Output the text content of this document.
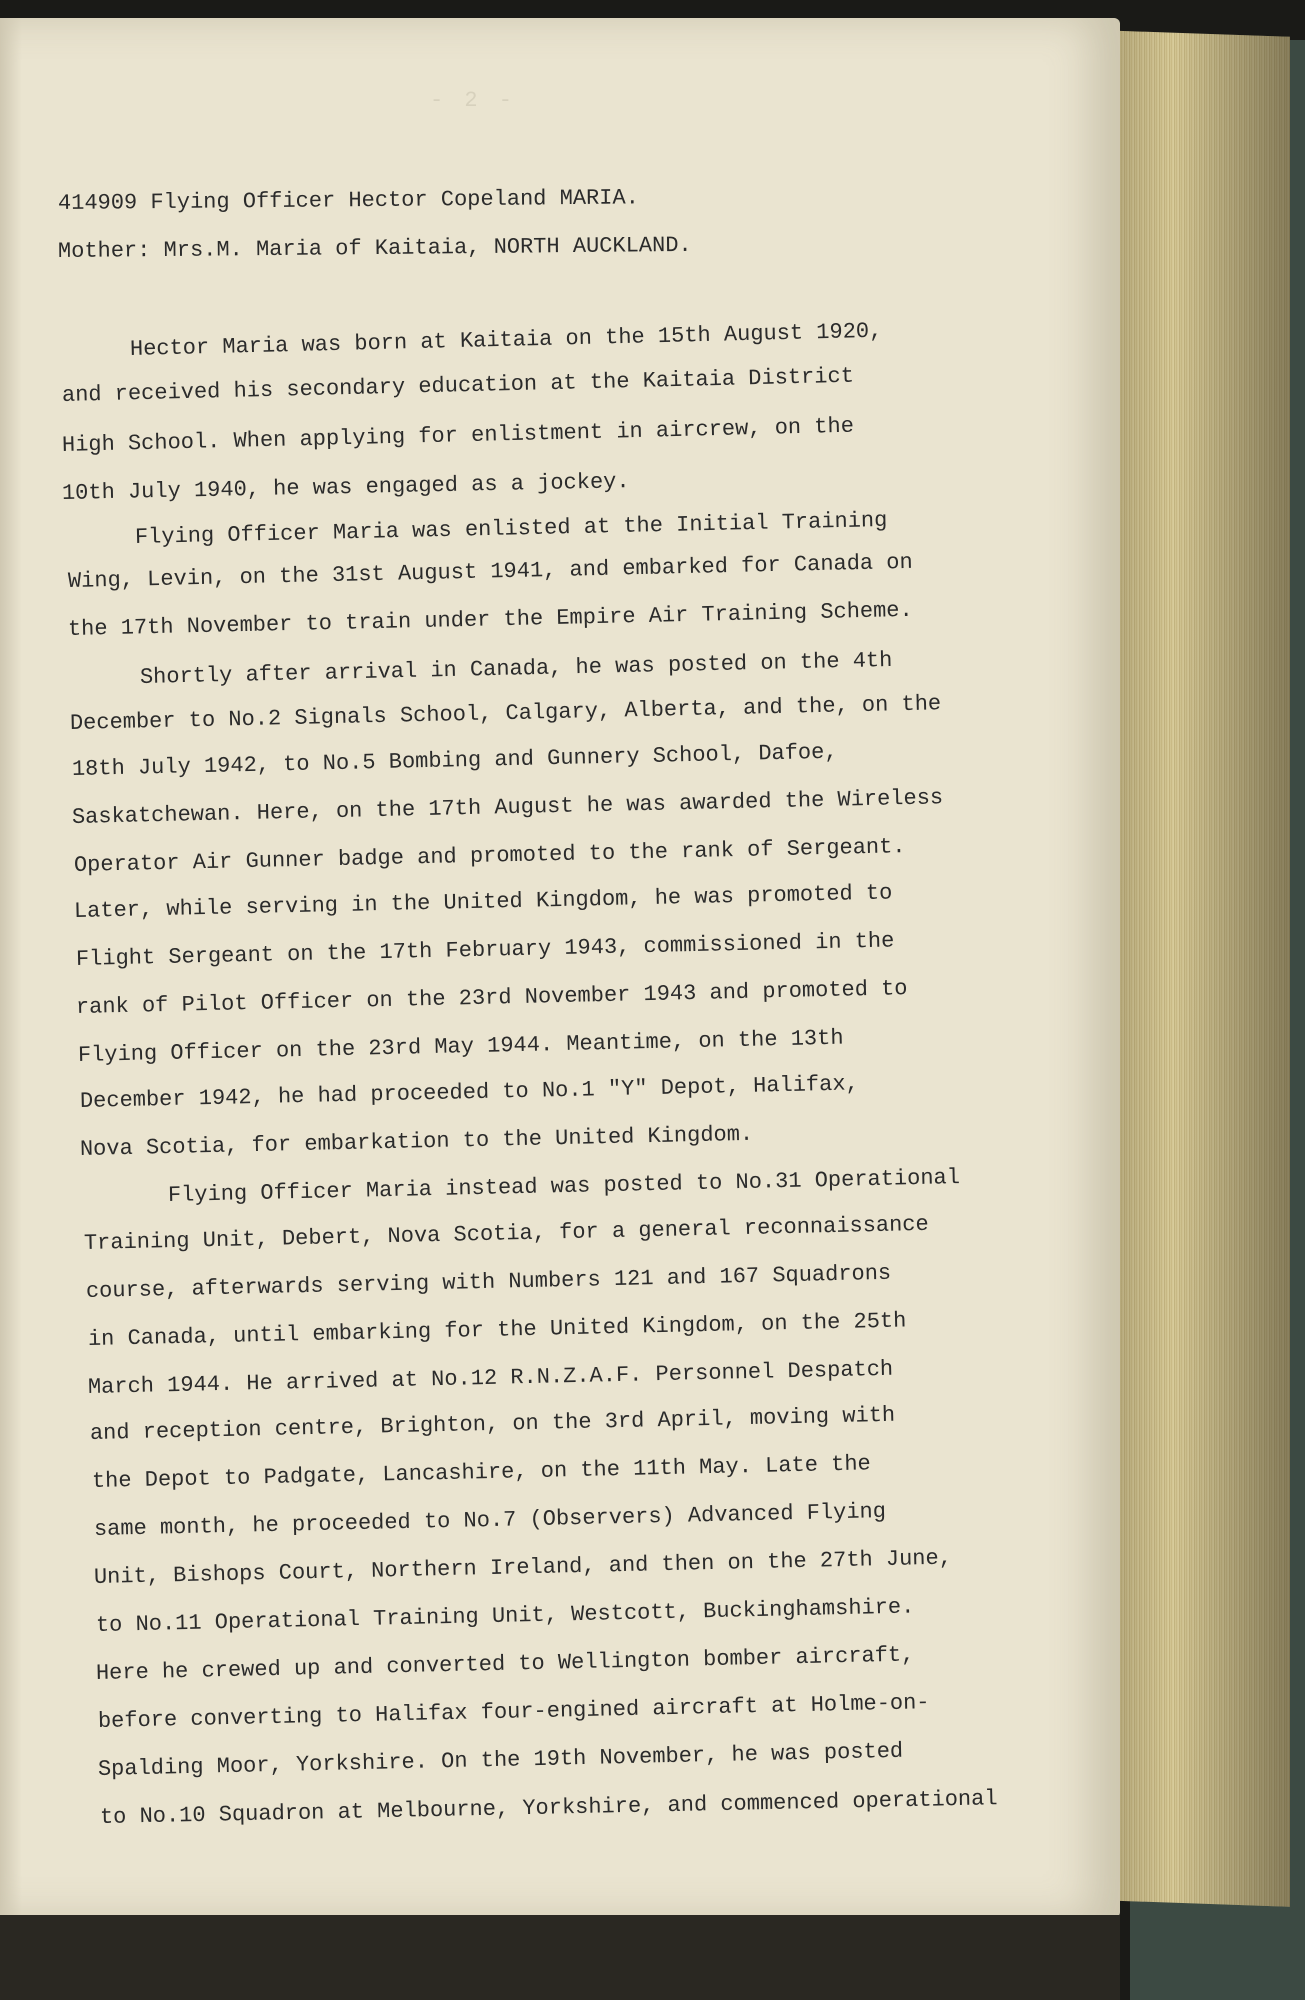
- 2 -

414909 Flying Officer Hector Copeland MARIA.

Mother: Mrs.M. Maria of Kaitaia, NORTH AUCKLAND.

Hector Maria was born at Kaitaia on the 15th August 1920,

and received his secondary education at the Kaitaia District

High School. When applying for enlistment in aircrew, on the

10th July 1940, he was engaged as a jockey.

Flying Officer Maria was enlisted at the Initial Training

Wing, Levin, on the 31st August 1941, and embarked for Canada on

the 17th November to train under the Empire Air Training Scheme.

Shortly after arrival in Canada, he was posted on the 4th

December to No.2 Signals School, Calgary, Alberta, and the, on the

18th July 1942, to No.5 Bombing and Gunnery School, Dafoe,

Saskatchewan. Here, on the 17th August he was awarded the Wireless

Operator Air Gunner badge and promoted to the rank of Sergeant.

Later, while serving in the United Kingdom, he was promoted to

Flight Sergeant on the 17th February 1943, commissioned in the

rank of Pilot Officer on the 23rd November 1943 and promoted to

Flying Officer on the 23rd May 1944. Meantime, on the 13th

December 1942, he had proceeded to No.1 "Y" Depot, Halifax,

Nova Scotia, for embarkation to the United Kingdom.

Flying Officer Maria instead was posted to No.31 Operational

Training Unit, Debert, Nova Scotia, for a general reconnaissance

course, afterwards serving with Numbers 121 and 167 Squadrons

in Canada, until embarking for the United Kingdom, on the 25th

March 1944. He arrived at No.12 R.N.Z.A.F. Personnel Despatch

and reception centre, Brighton, on the 3rd April, moving with

the Depot to Padgate, Lancashire, on the 11th May. Late the

same month, he proceeded to No.7 (Observers) Advanced Flying

Unit, Bishops Court, Northern Ireland, and then on the 27th June,

to No.11 Operational Training Unit, Westcott, Buckinghamshire.

Here he crewed up and converted to Wellington bomber aircraft,

before converting to Halifax four-engined aircraft at Holme-on-

Spalding Moor, Yorkshire. On the 19th November, he was posted

to No.10 Squadron at Melbourne, Yorkshire, and commenced operational
